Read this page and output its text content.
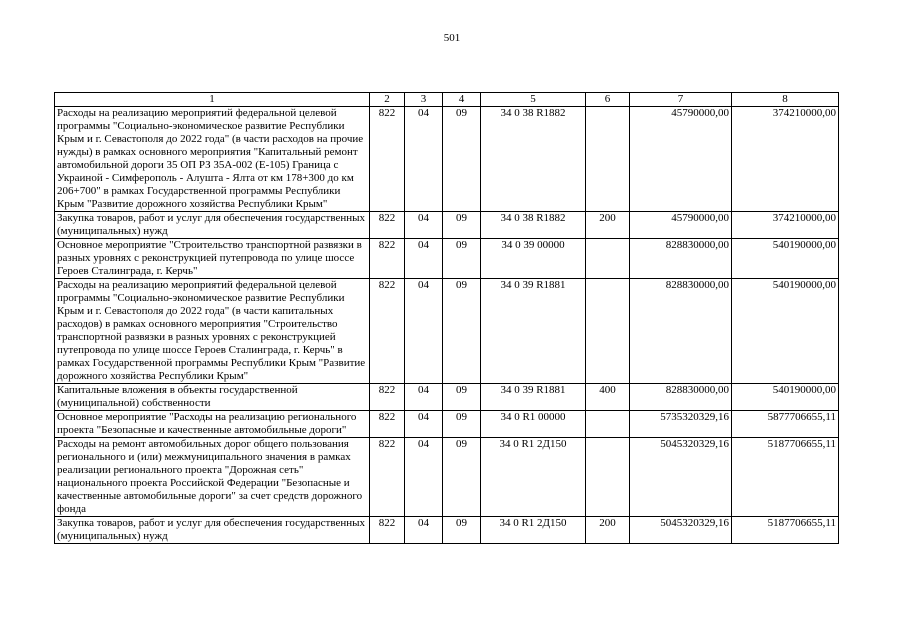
501
1	2	3	4	5	6	7	8
Расходы на реализацию мероприятий федеральной целевой программы "Социально-экономическое развитие Республики Крым и г. Севастополя до 2022 года" (в части расходов на прочие нужды) в рамках основного мероприятия "Капитальный ремонт автомобильной дороги 35 ОП РЗ 35А-002 (Е-105) Граница с Украиной - Симферополь - Алушта - Ялта от км 178+300 до км 206+700" в рамках Государственной программы Республики Крым "Развитие дорожного хозяйства Республики Крым"	822	04	09	34 0 38 R1882		45790000,00	374210000,00
Закупка товаров, работ и услуг для обеспечения государственных (муниципальных) нужд	822	04	09	34 0 38 R1882	200	45790000,00	374210000,00
Основное мероприятие "Строительство транспортной развязки в разных уровнях с реконструкцией путепровода по улице шоссе Героев Сталинграда, г. Керчь"	822	04	09	34 0 39 00000		828830000,00	540190000,00
Расходы на реализацию мероприятий федеральной целевой программы "Социально-экономическое развитие Республики Крым и г. Севастополя до 2022 года" (в части капитальных расходов) в рамках основного мероприятия "Строительство транспортной развязки в разных уровнях с реконструкцией путепровода по улице шоссе Героев Сталинграда, г. Керчь" в рамках Государственной программы Республики Крым "Развитие дорожного хозяйства Республики Крым"	822	04	09	34 0 39 R1881		828830000,00	540190000,00
Капитальные вложения в объекты государственной (муниципальной) собственности	822	04	09	34 0 39 R1881	400	828830000,00	540190000,00
Основное мероприятие "Расходы на реализацию регионального проекта "Безопасные и качественные автомобильные дороги"	822	04	09	34 0 R1 00000		5735320329,16	5877706655,11
Расходы на ремонт автомобильных дорог общего пользования регионального и (или) межмуниципального значения в рамках реализации регионального проекта "Дорожная сеть" национального проекта Российской Федерации "Безопасные и качественные автомобильные дороги" за счет средств дорожного фонда	822	04	09	34 0 R1 2Д150		5045320329,16	5187706655,11
Закупка товаров, работ и услуг для обеспечения государственных (муниципальных) нужд	822	04	09	34 0 R1 2Д150	200	5045320329,16	5187706655,11
